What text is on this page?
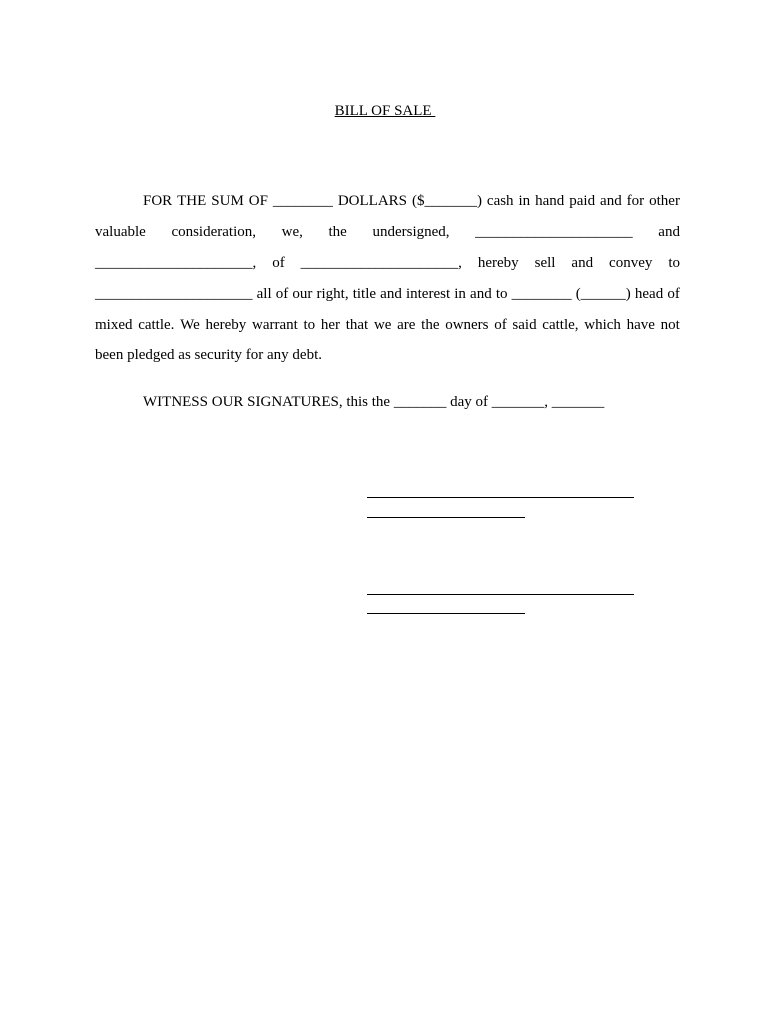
BILL OF SALE
FOR THE SUM OF ________ DOLLARS ($_______) cash in hand paid and for other
valuable consideration, we, the undersigned, _____________________ and
_____________________, of _____________________, hereby sell and convey to
_____________________ all of our right, title and interest in and to ________ (______) head of
mixed cattle. We hereby warrant to her that we are the owners of said cattle, which have not
been pledged as security for any debt.
WITNESS OUR SIGNATURES, this the _______ day of _______, _______
